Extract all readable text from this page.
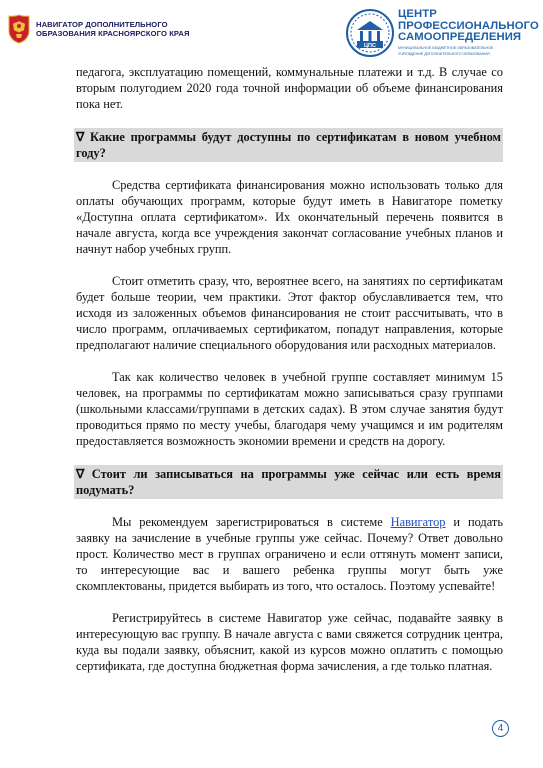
НАВИГАТОР ДОПОЛНИТЕЛЬНОГО
ОБРАЗОВАНИЯ КРАСНОЯРСКОГО КРАЯ
ЦПС
ЦЕНТР
ПРОФЕССИОНАЛЬНОГО
САМООПРЕДЕЛЕНИЯ
МУНИЦИПАЛЬНОЕ БЮДЖЕТНОЕ ОБРАЗОВАТЕЛЬНОЕ
УЧРЕЖДЕНИЕ ДОПОЛНИТЕЛЬНОГО ОБРАЗОВАНИЯ

педагога, эксплуатацию помещений, коммунальные платежи и т.д. В случае со вторым полугодием 2020 года точной информации об объеме финансирования пока нет.

∇ Какие программы будут доступны по сертификатам в новом учебном году?

Средства сертификата финансирования можно использовать только для оплаты обучающих программ, которые будут иметь в Навигаторе пометку «Доступна оплата сертификатом». Их окончательный перечень появится в начале августа, когда все учреждения закончат согласование учебных планов и начнут набор учебных групп.

Стоит отметить сразу, что, вероятнее всего, на занятиях по сертификатам будет больше теории, чем практики. Этот фактор обуславливается тем, что исходя из заложенных объемов финансирования не стоит рассчитывать, что в число программ, оплачиваемых сертификатом, попадут направления, которые предполагают наличие специального оборудования или расходных материалов.

Так как количество человек в учебной группе составляет минимум 15 человек, на программы по сертификатам можно записываться сразу группами (школьными классами/группами в детских садах). В этом случае занятия будут проводиться прямо по месту учебы, благодаря чему учащимся и им родителям предоставляется возможность экономии времени и средств на дорогу.

∇ Стоит ли записываться на программы уже сейчас или есть время подумать?

Мы рекомендуем зарегистрироваться в системе Навигатор и подать заявку на зачисление в учебные группы уже сейчас. Почему? Ответ довольно прост. Количество мест в группах ограничено и если оттянуть момент записи, то интересующие вас и вашего ребенка группы могут быть уже скомплектованы, придется выбирать из того, что осталось. Поэтому успевайте!

Регистрируйтесь в системе Навигатор уже сейчас, подавайте заявку в интересующую вас группу. В начале августа с вами свяжется сотрудник центра, куда вы подали заявку, объяснит, какой из курсов можно оплатить с помощью сертификата, где доступна бюджетная форма зачисления, а где только платная.

4
